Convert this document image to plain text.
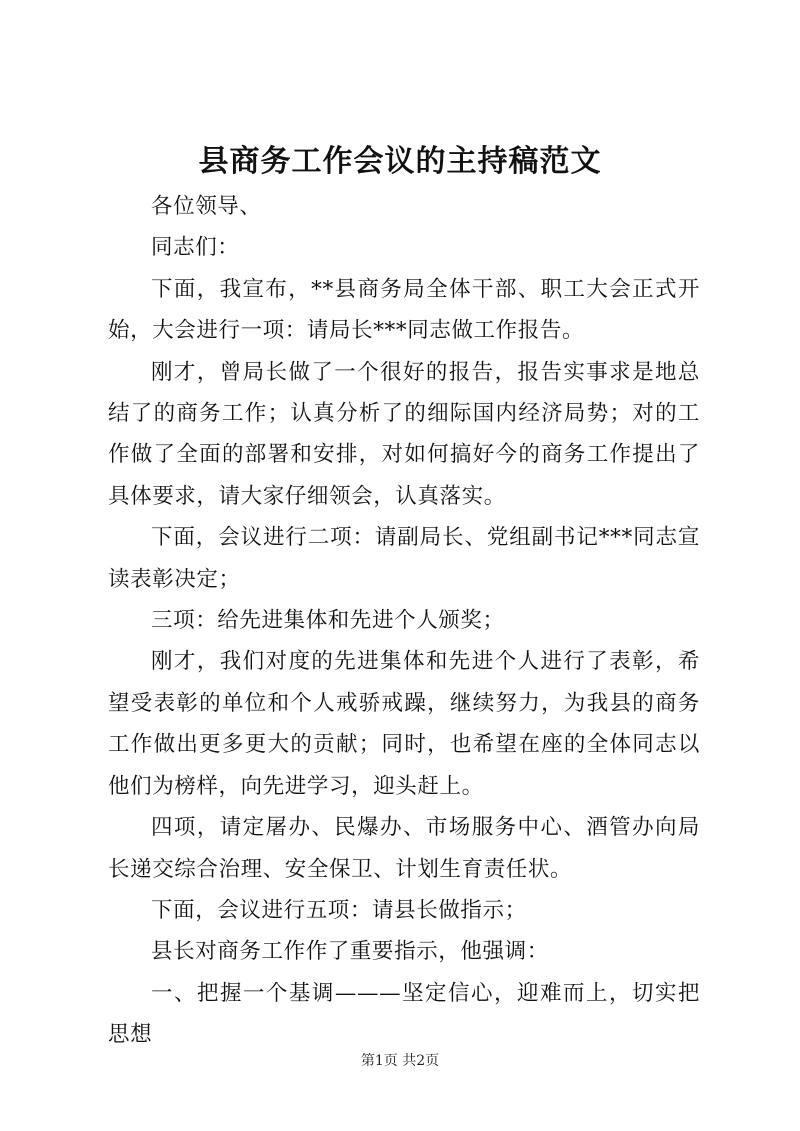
县商务工作会议的主持稿范文

各位领导、

同志们：

下面，我宣布，**县商务局全体干部、职工大会正式开始，大会进行一项：请局长***同志做工作报告。

刚才，曾局长做了一个很好的报告，报告实事求是地总结了的商务工作；认真分析了的细际国内经济局势；对的工作做了全面的部署和安排，对如何搞好今的商务工作提出了具体要求，请大家仔细领会，认真落实。

下面，会议进行二项：请副局长、党组副书记***同志宣读表彰决定；

三项：给先进集体和先进个人颁奖；

刚才，我们对度的先进集体和先进个人进行了表彰，希望受表彰的单位和个人戒骄戒躁，继续努力，为我县的商务工作做出更多更大的贡献；同时，也希望在座的全体同志以他们为榜样，向先进学习，迎头赶上。

四项，请定屠办、民爆办、市场服务中心、酒管办向局长递交综合治理、安全保卫、计划生育责任状。

下面，会议进行五项：请县长做指示；

县长对商务工作作了重要指示，他强调：

一、把握一个基调———坚定信心，迎难而上，切实把思想

第1页 共2页
